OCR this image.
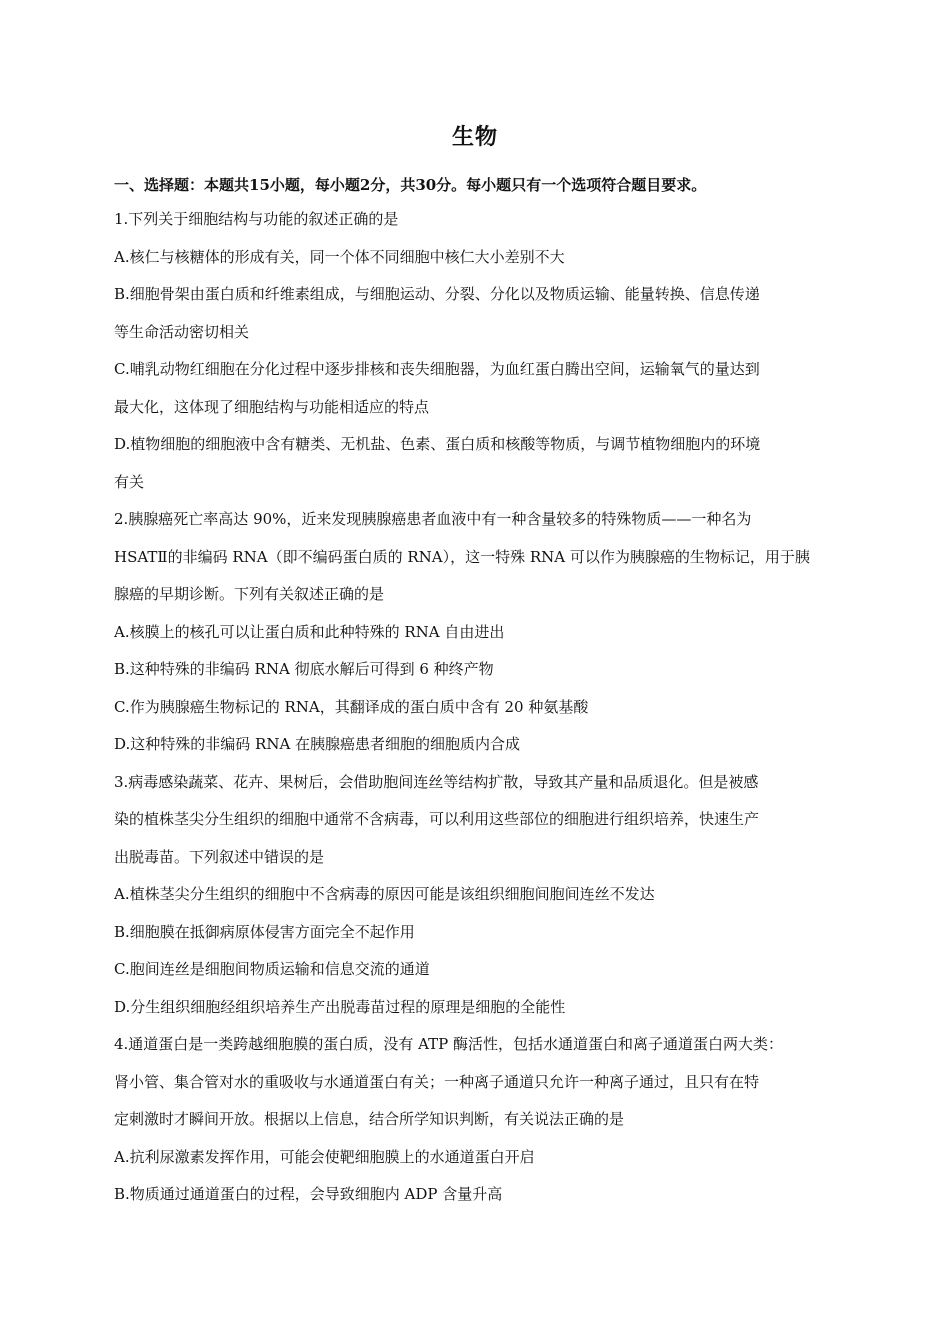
生物
一、选择题：本题共15小题，每小题2分，共30分。每小题只有一个选项符合题目要求。
1.下列关于细胞结构与功能的叙述正确的是
A.核仁与核糖体的形成有关，同一个体不同细胞中核仁大小差别不大
B.细胞骨架由蛋白质和纤维素组成，与细胞运动、分裂、分化以及物质运输、能量转换、信息传递
等生命活动密切相关
C.哺乳动物红细胞在分化过程中逐步排核和丧失细胞器，为血红蛋白腾出空间，运输氧气的量达到
最大化，这体现了细胞结构与功能相适应的特点
D.植物细胞的细胞液中含有糖类、无机盐、色素、蛋白质和核酸等物质，与调节植物细胞内的环境
有关
2.胰腺癌死亡率高达 90%，近来发现胰腺癌患者血液中有一种含量较多的特殊物质——一种名为
HSATⅡ的非编码 RNA（即不编码蛋白质的 RNA），这一特殊 RNA 可以作为胰腺癌的生物标记，用于胰
腺癌的早期诊断。下列有关叙述正确的是
A.核膜上的核孔可以让蛋白质和此种特殊的 RNA 自由进出
B.这种特殊的非编码 RNA 彻底水解后可得到 6 种终产物
C.作为胰腺癌生物标记的 RNA，其翻译成的蛋白质中含有 20 种氨基酸
D.这种特殊的非编码 RNA 在胰腺癌患者细胞的细胞质内合成
3.病毒感染蔬菜、花卉、果树后，会借助胞间连丝等结构扩散，导致其产量和品质退化。但是被感
染的植株茎尖分生组织的细胞中通常不含病毒，可以利用这些部位的细胞进行组织培养，快速生产
出脱毒苗。下列叙述中错误的是
A.植株茎尖分生组织的细胞中不含病毒的原因可能是该组织细胞间胞间连丝不发达
B.细胞膜在抵御病原体侵害方面完全不起作用
C.胞间连丝是细胞间物质运输和信息交流的通道
D.分生组织细胞经组织培养生产出脱毒苗过程的原理是细胞的全能性
4.通道蛋白是一类跨越细胞膜的蛋白质，没有 ATP 酶活性，包括水通道蛋白和离子通道蛋白两大类：
肾小管、集合管对水的重吸收与水通道蛋白有关；一种离子通道只允许一种离子通过，且只有在特
定刺激时才瞬间开放。根据以上信息，结合所学知识判断，有关说法正确的是
A.抗利尿激素发挥作用，可能会使靶细胞膜上的水通道蛋白开启
B.物质通过通道蛋白的过程，会导致细胞内 ADP 含量升高
